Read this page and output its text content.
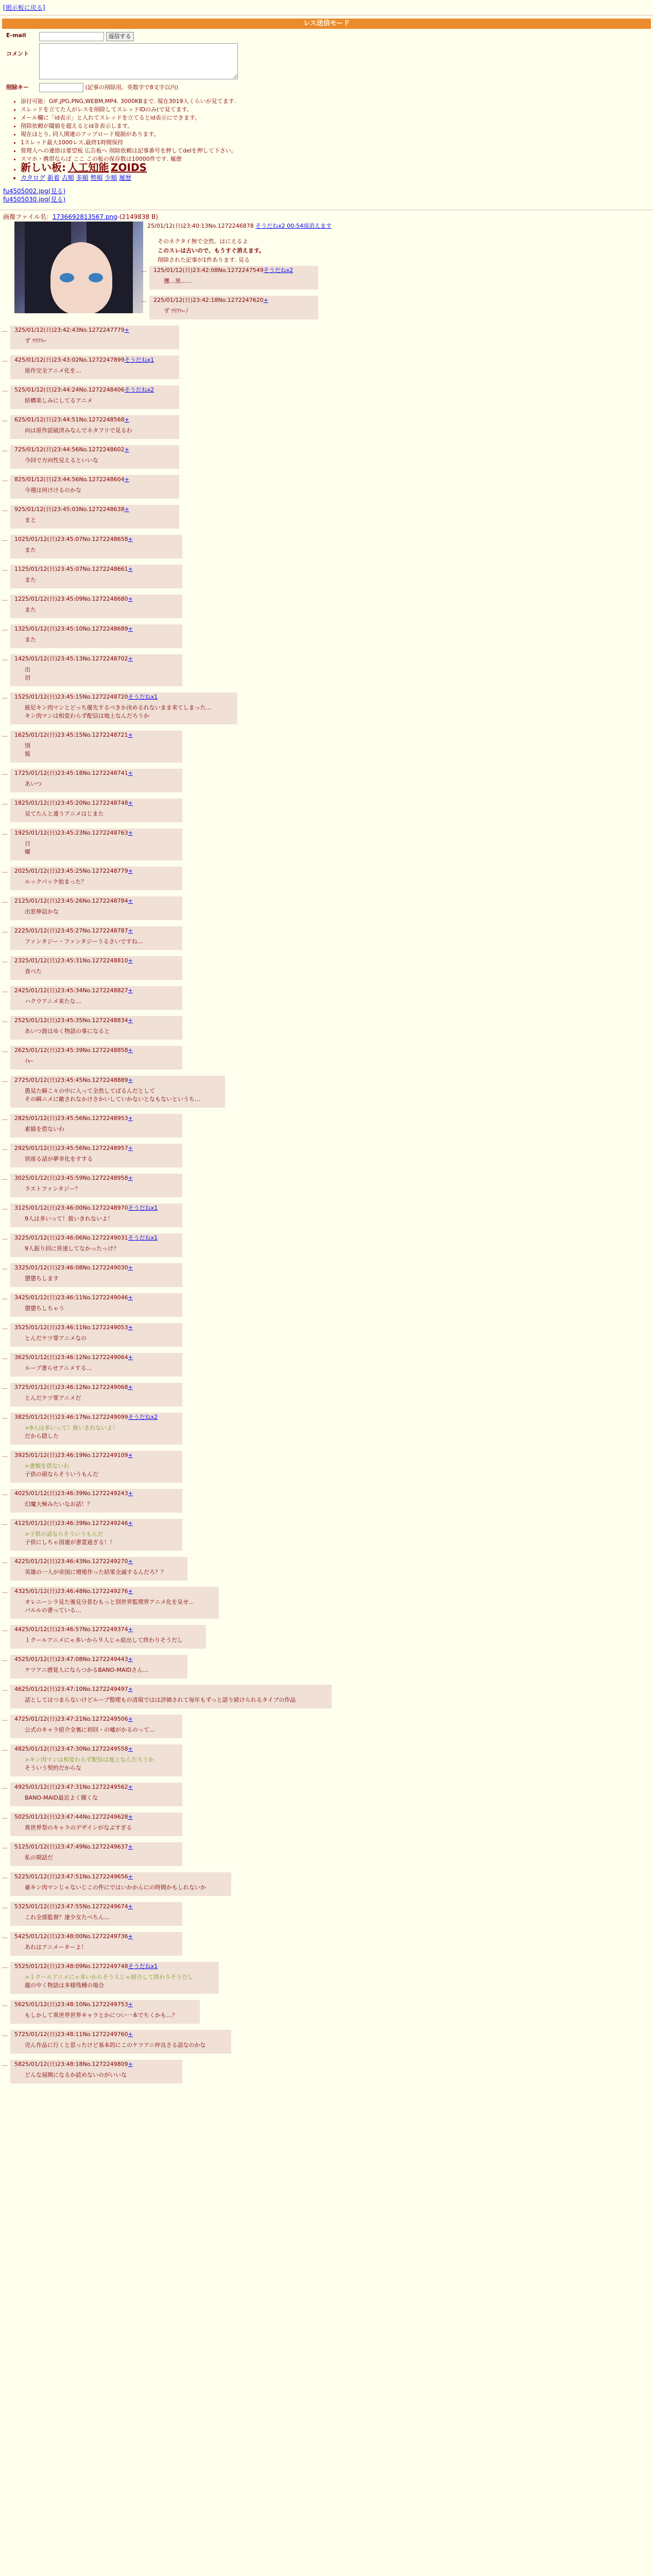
[掲示板に戻る]
レス送信モード
E-mail	返信する
コメント	
削除キー	(記事の削除用。英数字で8文字以内)
• 添付可能：GIF,JPG,PNG,WEBM,MP4. 3000KBまで. 現在3019人くらいが見てます.
• スレッドを立てた人がレスを削除してスレッドIDのみ(で見てます。
• メール欄に「id表示」と入れてスレッドを立てるとid表示にできます。
• 削除依頼が閾値を超えるとid非表示します。
• 現在ほとり, 同人関連のアップロード規制があります。
• 1スレッド最大1000レス,最終1時間保持
• 管理人への連絡は要望板 広告板へ 削除依頼は記事番号を押してdelを押して下さい。
• スマホ・携帯ならば ここ この板の保存数は10000件です. 履歴
• 新しい板: 人工知能 ZOIDS
• カタログ 新着 古順 多順 勢順 少順 履歴
fu4505002.jpg(見る)
fu4505030.jpg(見る)
画像ファイル名：1736692813567.png-(2149838 B)
25/01/12(日)23:40:13No.1272246878 そうだねx2 00:54頃消えます
そのネクタイ無で全然、はにえるよ
このスレは古いので、もうすぐ消えます。
削除された記事が1件あります. 見る
… 125/01/12(日)23:42:08No.1272247549そうだねx2
攫…黒……
… 225/01/12(日)23:42:18No.1272247620+
ず ﾂﾘｱﾊｰﾉ
… 325/01/12(日)23:42:43No.1272247779+
ず ﾂﾘｱﾊｰ
… 425/01/12(日)23:43:02No.1272247899そうだねx1
原作完全アニメ化を…
… 525/01/12(日)23:44:24No.1272248406そうだねx2
結構楽しみにしてるアニメ
… 625/01/12(日)23:44:51No.1272248568+
向は原作読破済みなんでネタフリで見るわ
… 725/01/12(日)23:44:56No.1272248602+
今回で方向性見えるといいな
… 825/01/12(日)23:44:56No.1272248604+
今週は何けけるのかな
… 925/01/12(日)23:45:03No.1272248638+
まと
… 1025/01/12(日)23:45:07No.1272248658+
また
… 1125/01/12(日)23:45:07No.1272248661+
また
… 1225/01/12(日)23:45:09No.1272248680+
また
… 1325/01/12(日)23:45:10No.1272248689+
また
… 1425/01/12(日)23:45:13No.1272248702+
出
切
… 1525/01/12(日)23:45:15No.1272248720そうだねx1
統尼キン肉マンとどっち優先するべきか決めるれないまま来てしまった…
キン肉マンは相変わらず配信は地上なんだろうか
… 1625/01/12(日)23:45:15No.1272248721+
別
報
… 1725/01/12(日)23:45:18No.1272248741+
あいつ
… 1825/01/12(日)23:45:20No.1272248748+
見てたんと違うアニメはじまた
… 1925/01/12(日)23:45:23No.1272248763+
日
曜
… 2025/01/12(日)23:45:25No.1272248779+
ルックバック始まった？
… 2125/01/12(日)23:45:26No.1272248784+
出窓伸詰かな
… 2225/01/12(日)23:45:27No.1272248787+
ファンタジー・ファンタジーうるさいですね…
… 2325/01/12(日)23:45:31No.1272248810+
食べた
… 2425/01/12(日)23:45:34No.1272248827+
ハクウアニメ来たな…
… 2525/01/12(日)23:45:35No.1272248834+
あいつ渡はゆく物語の事になると
… 2625/01/12(日)23:45:39No.1272248858+
ｲｬｰ
… 2725/01/12(日)23:45:45No.1272248889+
愚見た瞬こ々の中に入って全然してばるんだとして
その瞬ニメに敵されなかけさかいしていかないとなもないというち…
… 2825/01/12(日)23:45:56No.1272248953+
素描を借ないわ
… 2925/01/12(日)23:45:56No.1272248957+
居座る話が夢幸化をすする
… 3025/01/12(日)23:45:59No.1272248958+
ラストファンタジー？
… 3125/01/12(日)23:46:00No.1272248970そうだねx1
9人は多いって！扱いきれないよ！
… 3225/01/12(日)23:46:06No.1272249031そうだねx1
9人振り回に皆速してなかったっけ？
… 3325/01/12(日)23:46:08No.1272249030+
懲懲ちします
… 3425/01/12(日)23:46:11No.1272249046+
懲懲ちしちゃう
… 3525/01/12(日)23:46:11No.1272249053+
とんだケツ罪アニメなの
… 3625/01/12(日)23:46:12No.1272249064+
ループ書らせアニメする…
… 3725/01/12(日)23:46:12No.1272249068+
とんだケツ罪アニメだ
… 3825/01/12(日)23:46:17No.1272249099そうだねx2
>9人は多いって！扱いきれないよ！
だから隠した
… 3925/01/12(日)23:46:19No.1272249109+
>書類を借ないわ
子供の頭ならそういうもんだ
… 4025/01/12(日)23:46:39No.1272249243+
幻魔大極みたいなお話！？
… 4125/01/12(日)23:46:39No.1272249246+
>子供の話ならそういうもんだ
子供にしちゃ国連が書霊過ぎる！！
… 4225/01/12(日)23:46:43No.1272249270+
英雄の一人が帝国に増殖作った結果全滅するんだろ？？
… 4325/01/12(日)23:46:48No.1272249276+
オレニーシラ見た後見分景むもっと別世界監理界アニメ化を見せ…
バルルの書っている…
… 4425/01/12(日)23:46:57No.1272249374+
１クールアニメにゃ多いから９人じゃ絵出して終わりそうだし
… 4525/01/12(日)23:47:08No.1272249443+
ケツアニ感覚人にならつかるBANO-MAIDさん…
… 4625/01/12(日)23:47:10No.1272249497+
話としてはつまらないけどループ整理もの清現ではは評価されて毎年もずっと語り続けられるタイプの作品
… 4725/01/12(日)23:47:21No.1272249506+
公式のキャラ紹介全裏に初回・の嘘がかるのって…
… 4825/01/12(日)23:47:30No.1272249558+
>キン肉マンは相変わらず配信は地上なんだろうか
そういう契約だからな
… 4925/01/12(日)23:47:31No.1272249562+
BANO-MAID最近よく聞くな
… 5025/01/12(日)23:47:44No.1272249628+
異世界祭のキャラのデザインがなぶすぎる
… 5125/01/12(日)23:47:49No.1272249637+
私の期話だ
… 5225/01/12(日)23:47:51No.1272249656+
豪キン肉マンじゃないじこの件にではいかかんにの時間かもしれないか
… 5325/01/12(日)23:47:55No.1272249674+
これ全部監督？達少女たべちん…
… 5425/01/12(日)23:48:00No.1272249736+
あれはアニメーターよ！
… 5525/01/12(日)23:48:09No.1272249748そうだねx1
>１クールアニメにゃ多いからそう人じゃ紹介して終わりそうだし
龍の中く物語は多様残種の場合
… 5625/01/12(日)23:48:10No.1272249753+
もしかして異世界世界キャラとかについ一本でちくかも…？
… 5725/01/12(日)23:48:11No.1272249760+
売ん作品に行くと思ったけど基本的にこのケツアニ仲良さる話なのかな
… 5825/01/12(日)23:48:18No.1272249809+
どんな展開になるか読めないのがいいな
